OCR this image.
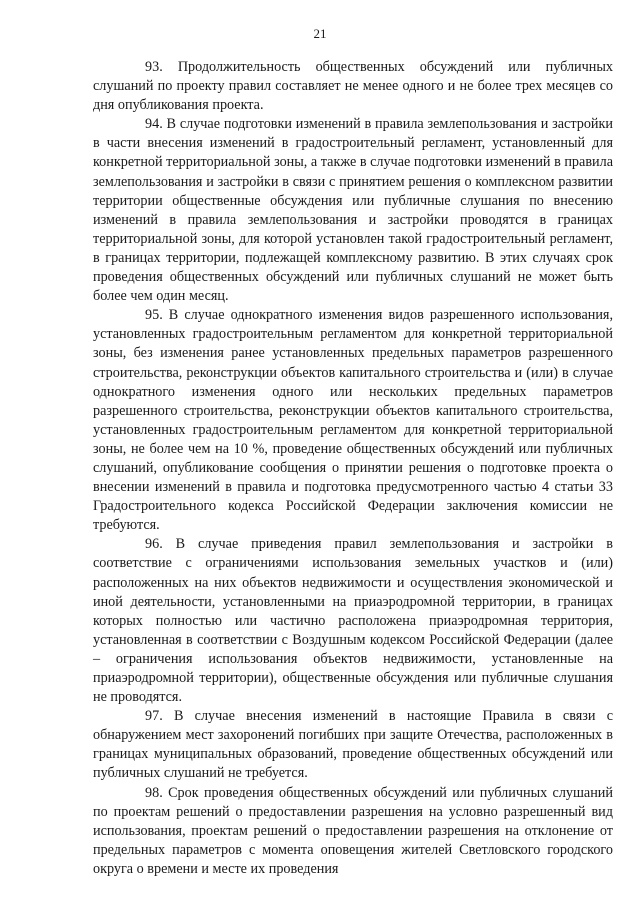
21

93. Продолжительность общественных обсуждений или публичных слушаний по проекту правил составляет не менее одного и не более трех месяцев со дня опубликования проекта.

94. В случае подготовки изменений в правила землепользования и застройки в части внесения изменений в градостроительный регламент, установленный для конкретной территориальной зоны, а также в случае подготовки изменений в правила землепользования и застройки в связи с принятием решения о комплексном развитии территории общественные обсуждения или публичные слушания по внесению изменений в правила землепользования и застройки проводятся в границах территориальной зоны, для которой установлен такой градостроительный регламент, в границах территории, подлежащей комплексному развитию. В этих случаях срок проведения общественных обсуждений или публичных слушаний не может быть более чем один месяц.

95. В случае однократного изменения видов разрешенного использования, установленных градостроительным регламентом для конкретной территориальной зоны, без изменения ранее установленных предельных параметров разрешенного строительства, реконструкции объектов капитального строительства и (или) в случае однократного изменения одного или нескольких предельных параметров разрешенного строительства, реконструкции объектов капитального строительства, установленных градостроительным регламентом для конкретной территориальной зоны, не более чем на 10 %, проведение общественных обсуждений или публичных слушаний, опубликование сообщения о принятии решения о подготовке проекта о внесении изменений в правила и подготовка предусмотренного частью 4 статьи 33 Градостроительного кодекса Российской Федерации заключения комиссии не требуются.

96. В случае приведения правил землепользования и застройки в соответствие с ограничениями использования земельных участков и (или) расположенных на них объектов недвижимости и осуществления экономической и иной деятельности, установленными на приаэродромной территории, в границах которых полностью или частично расположена приаэродромная территория, установленная в соответствии с Воздушным кодексом Российской Федерации (далее – ограничения использования объектов недвижимости, установленные на приаэродромной территории), общественные обсуждения или публичные слушания не проводятся.

97. В случае внесения изменений в настоящие Правила в связи с обнаружением мест захоронений погибших при защите Отечества, расположенных в границах муниципальных образований, проведение общественных обсуждений или публичных слушаний не требуется.

98. Срок проведения общественных обсуждений или публичных слушаний по проектам решений о предоставлении разрешения на условно разрешенный вид использования, проектам решений о предоставлении разрешения на отклонение от предельных параметров с момента оповещения жителей Светловского городского округа о времени и месте их проведения
